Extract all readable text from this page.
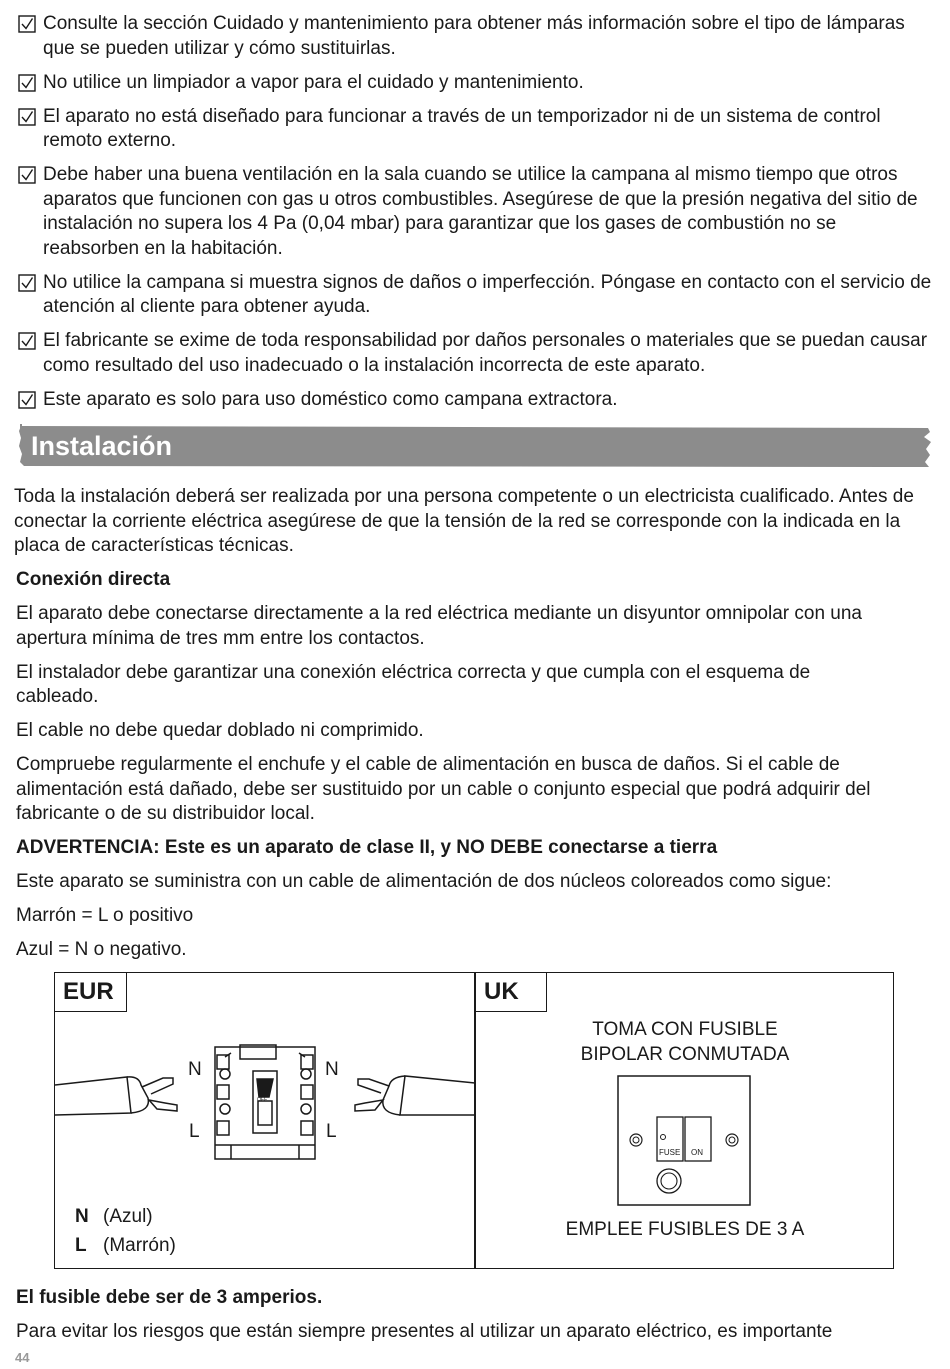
Consulte la sección Cuidado y mantenimiento para obtener más información sobre el tipo de lámparas que se pueden utilizar y cómo sustituirlas.
No utilice un limpiador a vapor para el cuidado y mantenimiento.
El aparato no está diseñado para funcionar a través de un temporizador ni de un sistema de control remoto externo.
Debe haber una buena ventilación en la sala cuando se utilice la campana al mismo tiempo que otros aparatos que funcionen con gas u otros combustibles. Asegúrese de que la presión negativa del sitio de instalación no supera los 4 Pa (0,04 mbar) para garantizar que los gases de combustión no se reabsorben en la habitación.
No utilice la campana si muestra signos de daños o imperfección. Póngase en contacto con el servicio de atención al cliente para obtener ayuda.
El fabricante se exime de toda responsabilidad por daños personales o materiales que se puedan causar como resultado del uso inadecuado o la instalación incorrecta de este aparato.
Este aparato es solo para uso doméstico como campana extractora.
Instalación

Toda la instalación deberá ser realizada por una persona competente o un electricista cualificado. Antes de conectar la corriente eléctrica asegúrese de que la tensión de la red se corresponde con la indicada en la placa de características técnicas.

Conexión directa

El aparato debe conectarse directamente a la red eléctrica mediante un disyuntor omnipolar con una apertura mínima de tres mm entre los contactos.

El instalador debe garantizar una conexión eléctrica correcta y que cumpla con el esquema de cableado.

El cable no debe quedar doblado ni comprimido.

Compruebe regularmente el enchufe y el cable de alimentación en busca de daños. Si el cable de alimentación está dañado, debe ser sustituido por un cable o conjunto especial que podrá adquirir del fabricante o de su distribuidor local.

ADVERTENCIA: Este es un aparato de clase II, y NO DEBE conectarse a tierra

Este aparato se suministra con un cable de alimentación de dos núcleos coloreados como sigue:

Marrón = L o positivo

Azul = N o negativo.

EUR	UK
OFF
N	N
L	L
N (Azul)
L (Marrón)
TOMA CON FUSIBLE
BIPOLAR CONMUTADA
FUSE ON
EMPLEE FUSIBLES DE 3 A

El fusible debe ser de 3 amperios.

Para evitar los riesgos que están siempre presentes al utilizar un aparato eléctrico, es importante

44
